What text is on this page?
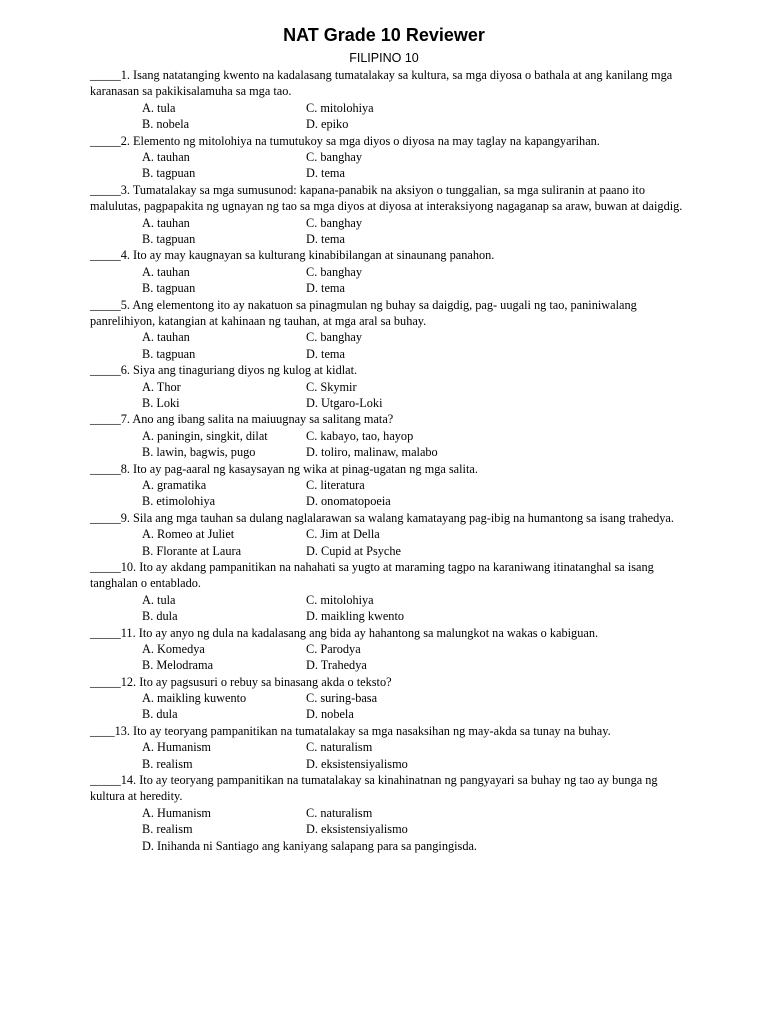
NAT Grade 10 Reviewer
FILIPINO 10

_____1. Isang natatanging kwento na kadalasang tumatalakay sa kultura, sa mga diyosa o bathala at ang kanilang mga karanasan sa pakikisalamuha sa mga tao.

A. tula	C. mitolohiya
B. nobela	D. epiko

_____2. Elemento ng mitolohiya na tumutukoy sa mga diyos o diyosa na may taglay na kapangyarihan.

A. tauhan	C. banghay
B. tagpuan	D. tema

_____3. Tumatalakay sa mga sumusunod: kapana-panabik na aksiyon o tunggalian, sa mga suliranin at paano ito malulutas, pagpapakita ng ugnayan ng tao sa mga diyos at diyosa at interaksiyong nagaganap sa araw, buwan at daigdig.

A. tauhan	C. banghay
B. tagpuan	D. tema

_____4. Ito ay may kaugnayan sa kulturang kinabibilangan at sinaunang panahon.

A. tauhan	C. banghay
B. tagpuan	D. tema

_____5. Ang elementong ito ay nakatuon sa pinagmulan ng buhay sa daigdig, pag- uugali ng tao, paniniwalang panrelihiyon, katangian at kahinaan ng tauhan, at mga aral sa buhay.

A. tauhan	C. banghay
B. tagpuan	D. tema

_____6. Siya ang tinaguriang diyos ng kulog at kidlat.

A. Thor	C. Skymir
B. Loki	D. Utgaro-Loki

_____7. Ano ang ibang salita na maiuugnay sa salitang mata?

A. paningin, singkit, dilat	C. kabayo, tao, hayop
B. lawin, bagwis, pugo	D. toliro, malinaw, malabo

_____8. Ito ay pag-aaral ng kasaysayan ng wika at pinag-ugatan ng mga salita.

A. gramatika	C. literatura
B. etimolohiya	D. onomatopoeia

_____9. Sila ang mga tauhan sa dulang naglalarawan sa walang kamatayang pag-ibig na humantong sa isang trahedya.

A. Romeo at Juliet	C. Jim at Della
B. Florante at Laura	D. Cupid at Psyche

_____10. Ito ay akdang pampanitikan na nahahati sa yugto at maraming tagpo na karaniwang itinatanghal sa isang tanghalan o entablado.

A. tula	C. mitolohiya
B. dula	D. maikling kwento

_____11. Ito ay anyo ng dula na kadalasang ang bida ay hahantong sa malungkot na wakas o kabiguan.

A. Komedya	C. Parodya
B. Melodrama	D. Trahedya

_____12. Ito ay pagsusuri o rebuy sa binasang akda o teksto?

A. maikling kuwento	C. suring-basa
B. dula	D. nobela

____13. Ito ay teoryang pampanitikan na tumatalakay sa mga nasaksihan ng may-akda sa tunay na buhay.

A. Humanism	C. naturalism
B. realism	D. eksistensiyalismo

_____14. Ito ay teoryang pampanitikan na tumatalakay sa kinahinatnan ng pangyayari sa buhay ng tao ay bunga ng kultura at heredity.

A. Humanism	C. naturalism
B. realism	D. eksistensiyalismo
D. Inihanda ni Santiago ang kaniyang salapang para sa pangingisda.
